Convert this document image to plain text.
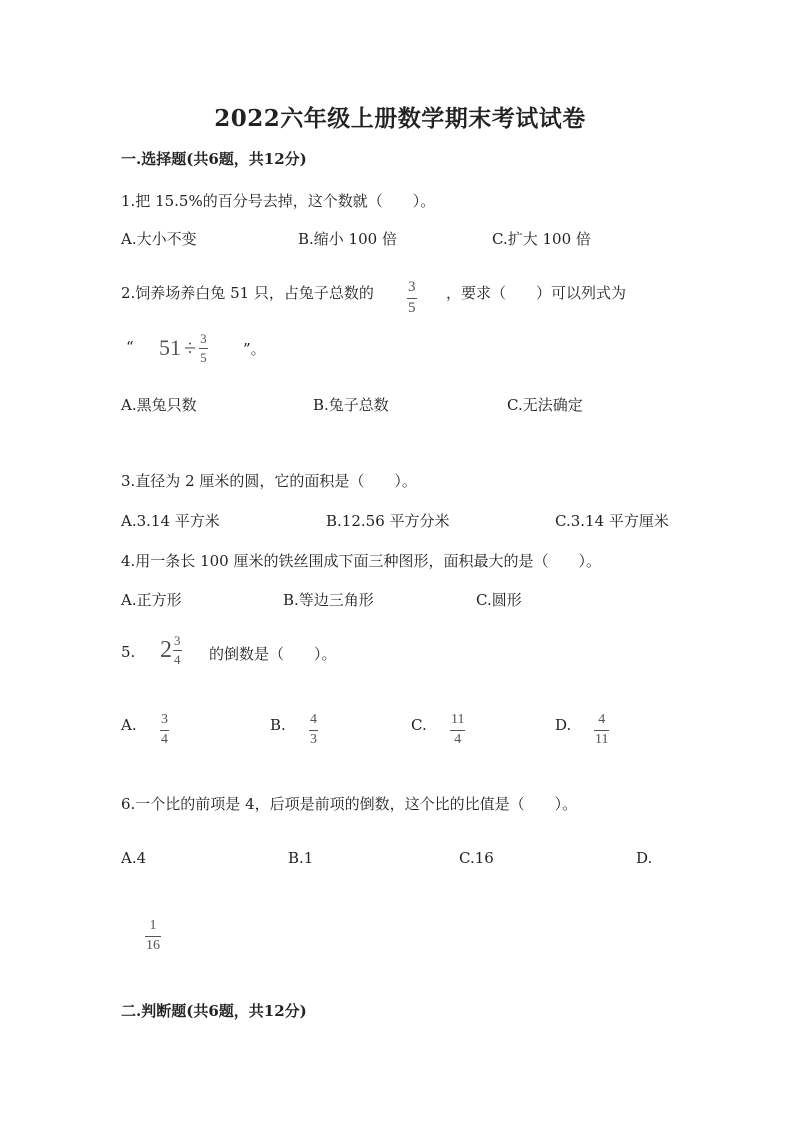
2022六年级上册数学期末考试试卷
一.选择题(共6题，共12分)
1.把 15.5%的百分号去掉，这个数就（　　）。
A.大小不变	B.缩小 100 倍	C.扩大 100 倍
2.饲养场养白兔 51 只，占兔子总数的 $\frac{3}{5}$ ，要求（　　）可以列式为
“ $51 \div \frac{3}{5}$ ”。
A.黑兔只数	B.兔子总数	C.无法确定
3.直径为 2 厘米的圆，它的面积是（　　）。
A.3.14 平方米	B.12.56 平方分米	C.3.14 平方厘米
4.用一条长 100 厘米的铁丝围成下面三种图形，面积最大的是（　　）。
A.正方形	B.等边三角形	C.圆形
5. $2 \frac{3}{4}$ 的倒数是（　　）。
A. $\frac{3}{4}$	B. $\frac{4}{3}$	C. $\frac{11}{4}$	D. $\frac{4}{11}$
6.一个比的前项是 4，后项是前项的倒数，这个比的比值是（　　）。
A.4	B.1	C.16	D.
$\frac{1}{16}$
二.判断题(共6题，共12分)
